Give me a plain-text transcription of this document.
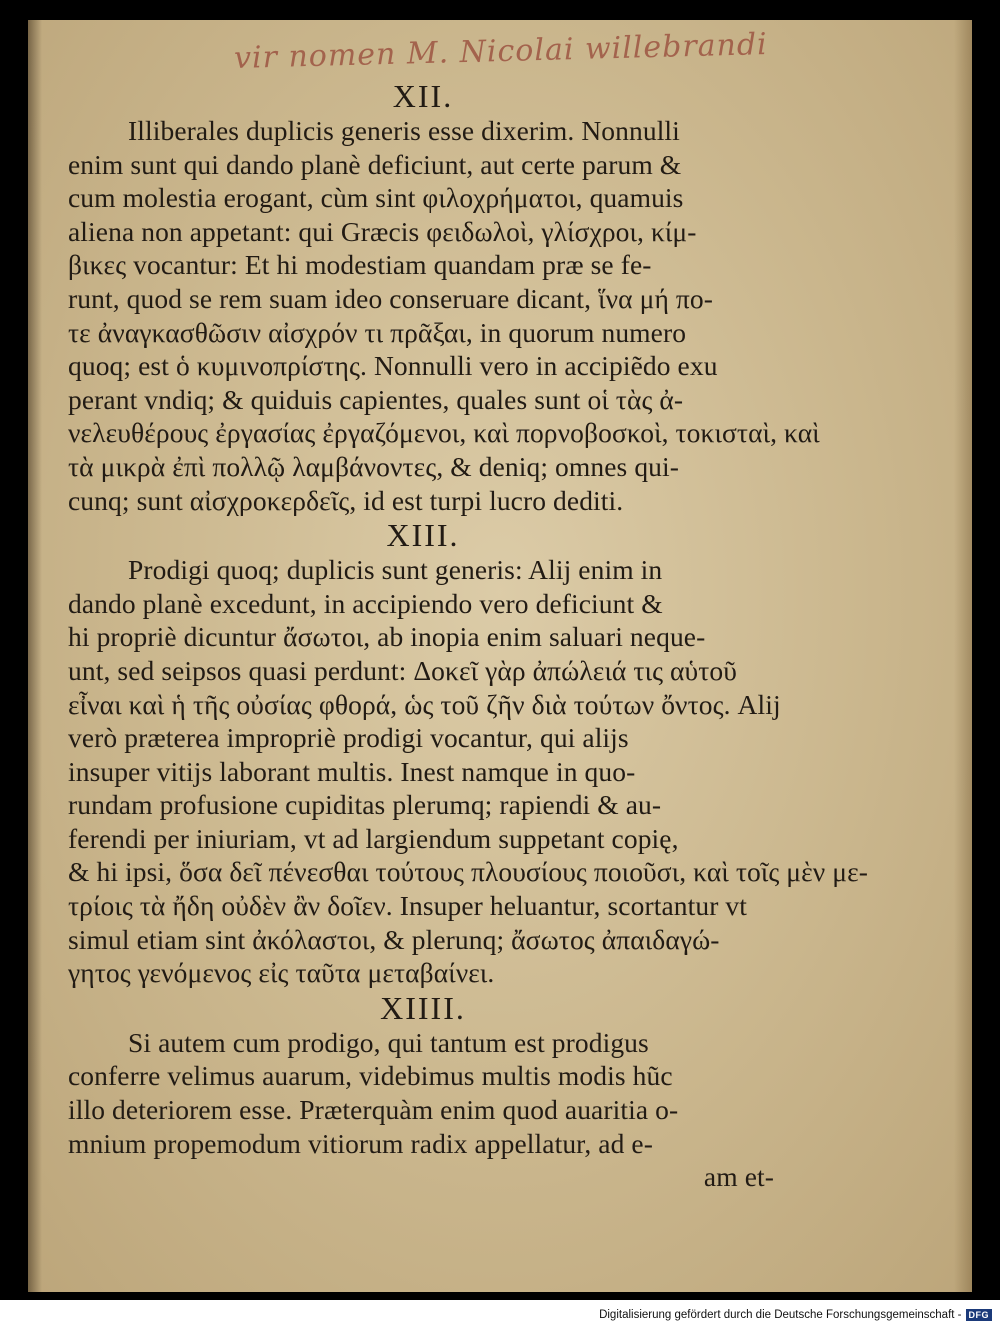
vir nomen M. Nicolai willebrandi
XII.
Illiberales duplicis generis esse dixerim. Nonnulli
enim sunt qui dando planè deficiunt, aut certe parum &
cum molestia erogant, cùm sint φιλοχρήματοι, quamuis
aliena non appetant: qui Græcis φειδωλοὶ, γλίσχροι, κίμ-
βικες vocantur: Et hi modestiam quandam præ se fe-
runt, quod se rem suam ideo conseruare dicant, ἵνα μή πο-
τε ἀναγκασθῶσιν αἰσχρόν τι πρᾶξαι, in quorum numero
quoq; est ὁ κυμινοπρίστης. Nonnulli vero in accipiẽdo exu
perant vndiq; & quiduis capientes, quales sunt οἱ τὰς ἀ-
νελευθέρους ἐργασίας ἐργαζόμενοι, καὶ πορνοβοσκοὶ, τοκισταὶ, καὶ
τὰ μικρὰ ἐπὶ πολλῷ λαμβάνοντες, & deniq; omnes qui-
cunq; sunt αἰσχροκερδεῖς, id est turpi lucro dediti.
XIII.
Prodigi quoq; duplicis sunt generis: Alij enim in
dando planè excedunt, in accipiendo vero deficiunt &
hi propriè dicuntur ἄσωτοι, ab inopia enim saluari neque-
unt, sed seipsos quasi perdunt: Δοκεῖ γὰρ ἀπώλειά τις αὑτοῦ
εἶναι καὶ ἡ τῆς οὐσίας φθορά, ὡς τοῦ ζῆν διὰ τούτων ὄντος. Alij
verò præterea impropriè prodigi vocantur, qui alijs
insuper vitijs laborant multis. Inest namque in quo-
rundam profusione cupiditas plerumq; rapiendi & au-
ferendi per iniuriam, vt ad largiendum suppetant copię,
& hi ipsi, ὅσα δεῖ πένεσθαι τούτους πλουσίους ποιοῦσι, καὶ τοῖς μὲν με-
τρίοις τὰ ἤδη οὐδὲν ἂν δοῖεν. Insuper heluantur, scortantur vt
simul etiam sint ἀκόλαστοι, & plerunq; ἄσωτος ἀπαιδαγώ-
γητος γενόμενος εἰς ταῦτα μεταβαίνει.
XIIII.
Si autem cum prodigo, qui tantum est prodigus
conferre velimus auarum, videbimus multis modis hũc
illo deteriorem esse. Præterquàm enim quod auaritia o-
mnium propemodum vitiorum radix appellatur, ad e-
am et-
Digitalisierung gefördert durch die Deutsche Forschungsgemeinschaft - DFG
